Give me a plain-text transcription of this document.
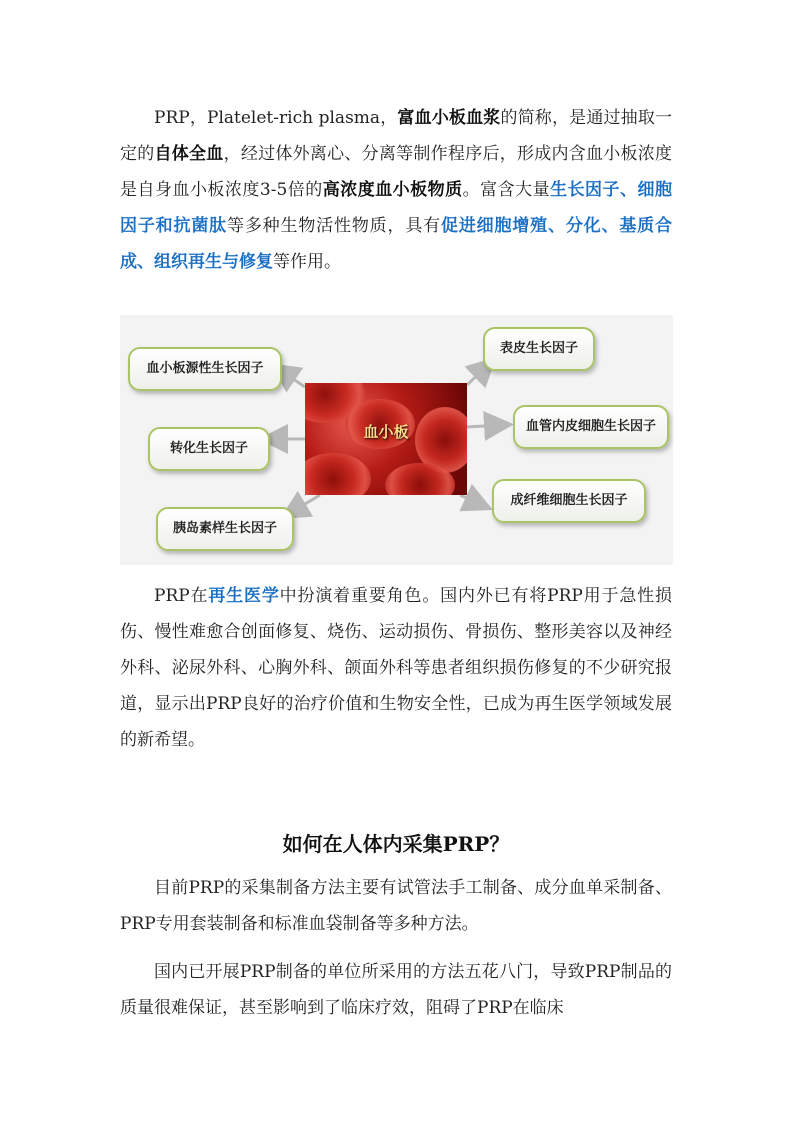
PRP，Platelet-rich plasma，富血小板血浆的简称，是通过抽取一定的自体全血，经过体外离心、分离等制作程序后，形成内含血小板浓度是自身血小板浓度3-5倍的高浓度血小板物质。富含大量生长因子、细胞因子和抗菌肽等多种生物活性物质，具有促进细胞增殖、分化、基质合成、组织再生与修复等作用。

血小板源性生长因子
转化生长因子
胰岛素样生长因子
表皮生长因子
血管内皮细胞生长因子
成纤维细胞生长因子
血小板

PRP在再生医学中扮演着重要角色。国内外已有将PRP用于急性损伤、慢性难愈合创面修复、烧伤、运动损伤、骨损伤、整形美容以及神经外科、泌尿外科、心胸外科、颌面外科等患者组织损伤修复的不少研究报道，显示出PRP良好的治疗价值和生物安全性，已成为再生医学领域发展的新希望。

如何在人体内采集PRP？

目前PRP的采集制备方法主要有试管法手工制备、成分血单采制备、PRP专用套装制备和标准血袋制备等多种方法。

国内已开展PRP制备的单位所采用的方法五花八门，导致PRP制品的质量很难保证，甚至影响到了临床疗效，阻碍了PRP在临床
